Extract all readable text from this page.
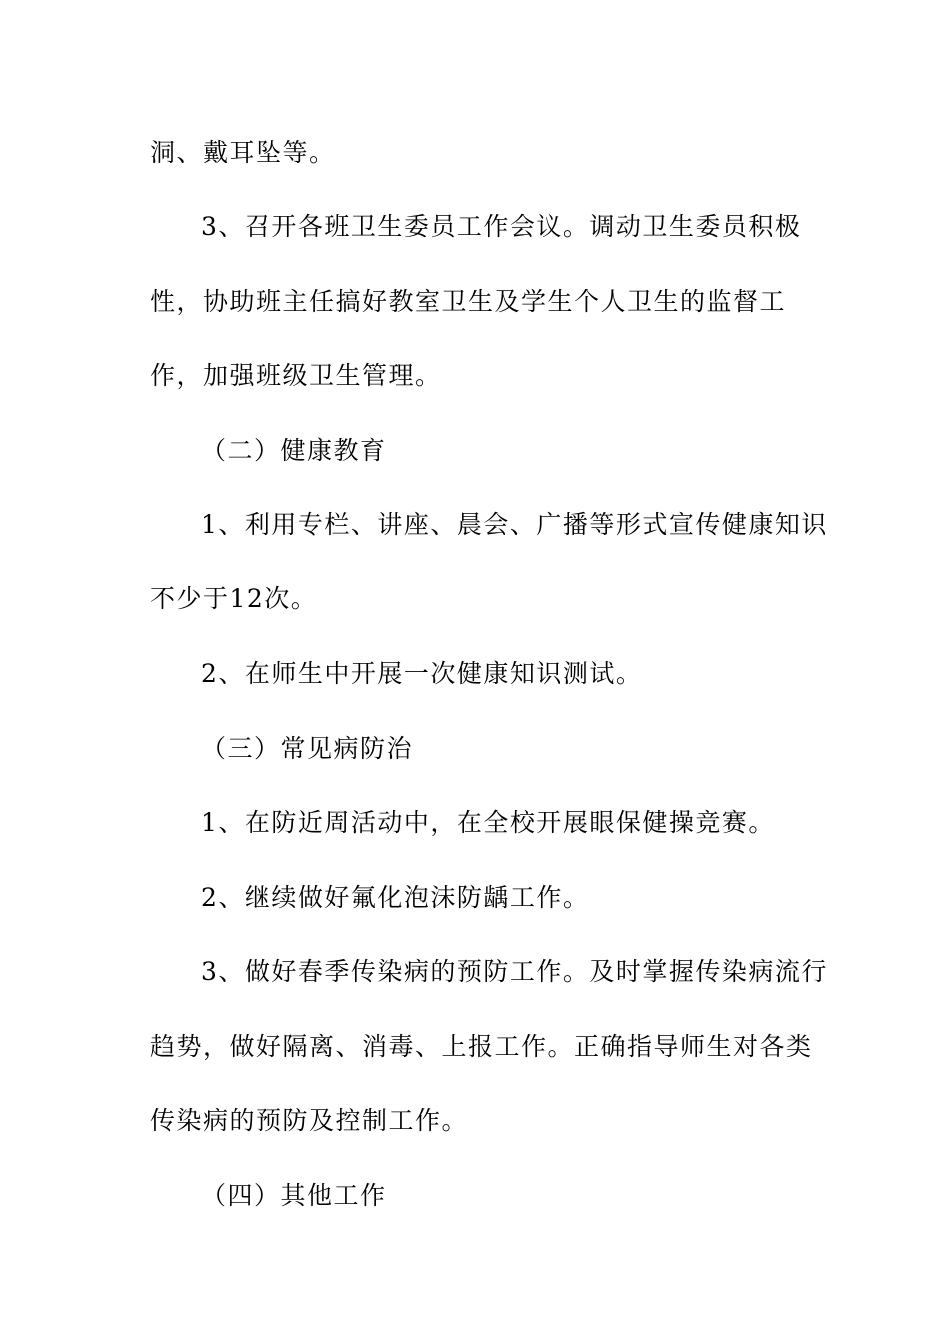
洞、戴耳坠等。
3、召开各班卫生委员工作会议。调动卫生委员积极
性，协助班主任搞好教室卫生及学生个人卫生的监督工
作，加强班级卫生管理。
（二）健康教育
1、利用专栏、讲座、晨会、广播等形式宣传健康知识
不少于12次。
2、在师生中开展一次健康知识测试。
（三）常见病防治
1、在防近周活动中，在全校开展眼保健操竞赛。
2、继续做好氟化泡沫防龋工作。
3、做好春季传染病的预防工作。及时掌握传染病流行
趋势，做好隔离、消毒、上报工作。正确指导师生对各类
传染病的预防及控制工作。
（四）其他工作
